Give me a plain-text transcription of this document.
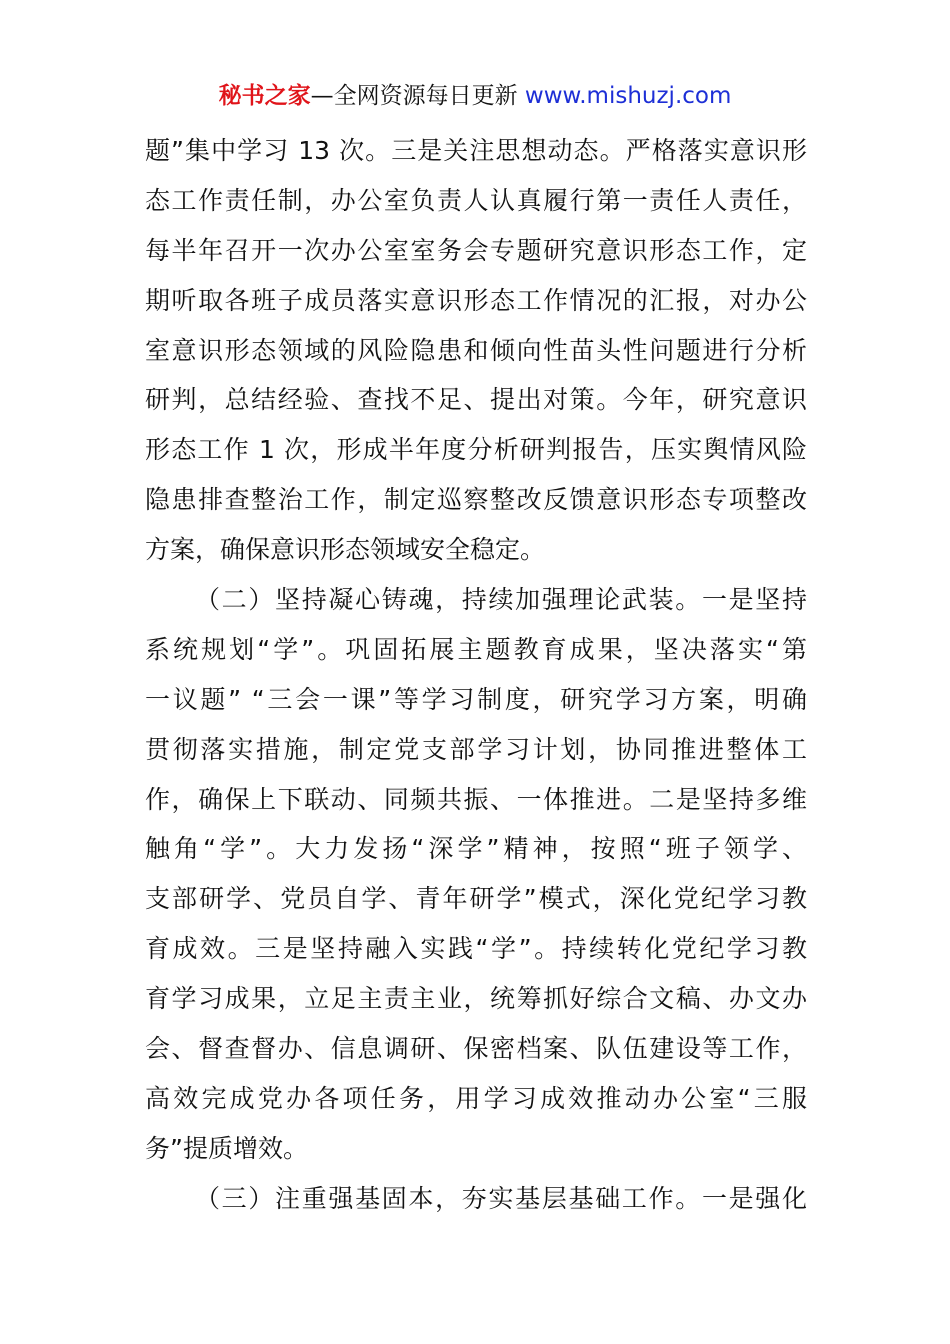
秘书之家—全网资源每日更新 www.mishuzj.com
题”集中学习 13 次。三是关注思想动态。严格落实意识形
态工作责任制，办公室负责人认真履行第一责任人责任，
每半年召开一次办公室室务会专题研究意识形态工作，定
期听取各班子成员落实意识形态工作情况的汇报，对办公
室意识形态领域的风险隐患和倾向性苗头性问题进行分析
研判，总结经验、查找不足、提出对策。今年，研究意识
形态工作 1 次，形成半年度分析研判报告，压实舆情风险
隐患排查整治工作，制定巡察整改反馈意识形态专项整改
方案，确保意识形态领域安全稳定。
（二）坚持凝心铸魂，持续加强理论武装。一是坚持
系统规划“学”。巩固拓展主题教育成果，坚决落实“第
一议题” “三会一课”等学习制度，研究学习方案，明确
贯彻落实措施，制定党支部学习计划，协同推进整体工
作，确保上下联动、同频共振、一体推进。二是坚持多维
触角“学”。大力发扬“深学”精神，按照“班子领学、
支部研学、党员自学、青年研学”模式，深化党纪学习教
育成效。三是坚持融入实践“学”。持续转化党纪学习教
育学习成果，立足主责主业，统筹抓好综合文稿、办文办
会、督查督办、信息调研、保密档案、队伍建设等工作，
高效完成党办各项任务，用学习成效推动办公室“三服
务”提质增效。
（三）注重强基固本，夯实基层基础工作。一是强化
